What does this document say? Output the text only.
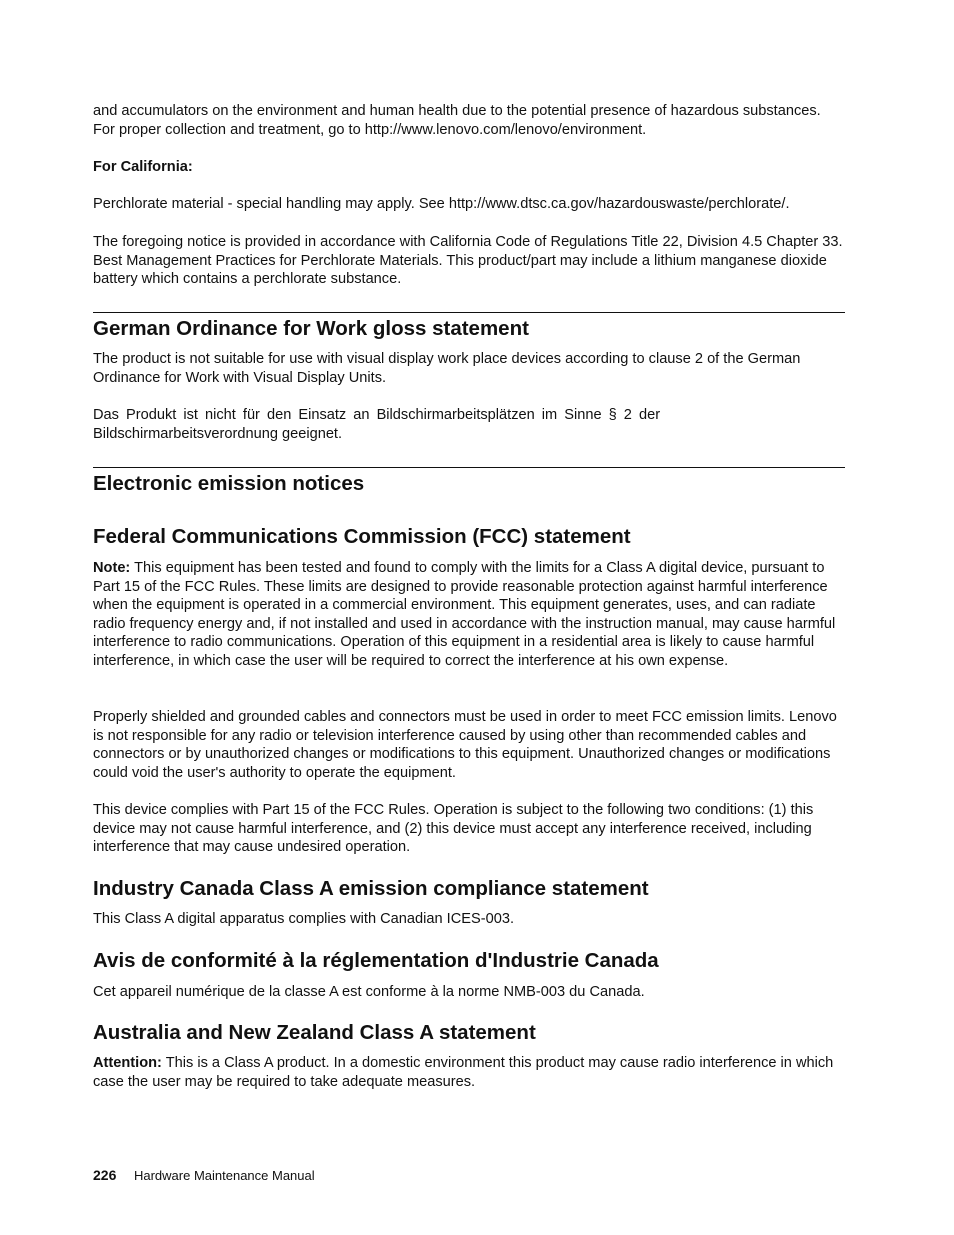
and accumulators on the environment and human health due to the potential presence of hazardous substances. For proper collection and treatment, go to http://www.lenovo.com/lenovo/environment.

For California:

Perchlorate material - special handling may apply. See http://www.dtsc.ca.gov/hazardouswaste/perchlorate/.

The foregoing notice is provided in accordance with California Code of Regulations Title 22, Division 4.5 Chapter 33. Best Management Practices for Perchlorate Materials. This product/part may include a lithium manganese dioxide battery which contains a perchlorate substance.

German Ordinance for Work gloss statement

The product is not suitable for use with visual display work place devices according to clause 2 of the German Ordinance for Work with Visual Display Units.

Das Produkt ist nicht für den Einsatz an Bildschirmarbeitsplätzen im Sinne § 2 der

Bildschirmarbeitsverordnung geeignet.

Electronic emission notices
Federal Communications Commission (FCC) statement

Note: This equipment has been tested and found to comply with the limits for a Class A digital device, pursuant to Part 15 of the FCC Rules. These limits are designed to provide reasonable protection against harmful interference when the equipment is operated in a commercial environment. This equipment generates, uses, and can radiate radio frequency energy and, if not installed and used in accordance with the instruction manual, may cause harmful interference to radio communications. Operation of this equipment in a residential area is likely to cause harmful interference, in which case the user will be required to correct the interference at his own expense.

Properly shielded and grounded cables and connectors must be used in order to meet FCC emission limits. Lenovo is not responsible for any radio or television interference caused by using other than recommended cables and connectors or by unauthorized changes or modifications to this equipment. Unauthorized changes or modifications could void the user's authority to operate the equipment.

This device complies with Part 15 of the FCC Rules. Operation is subject to the following two conditions: (1) this device may not cause harmful interference, and (2) this device must accept any interference received, including interference that may cause undesired operation.

Industry Canada Class A emission compliance statement

This Class A digital apparatus complies with Canadian ICES-003.

Avis de conformité à la réglementation d'Industrie Canada

Cet appareil numérique de la classe A est conforme à la norme NMB-003 du Canada.

Australia and New Zealand Class A statement

Attention: This is a Class A product. In a domestic environment this product may cause radio interference in which case the user may be required to take adequate measures.

226 Hardware Maintenance Manual
